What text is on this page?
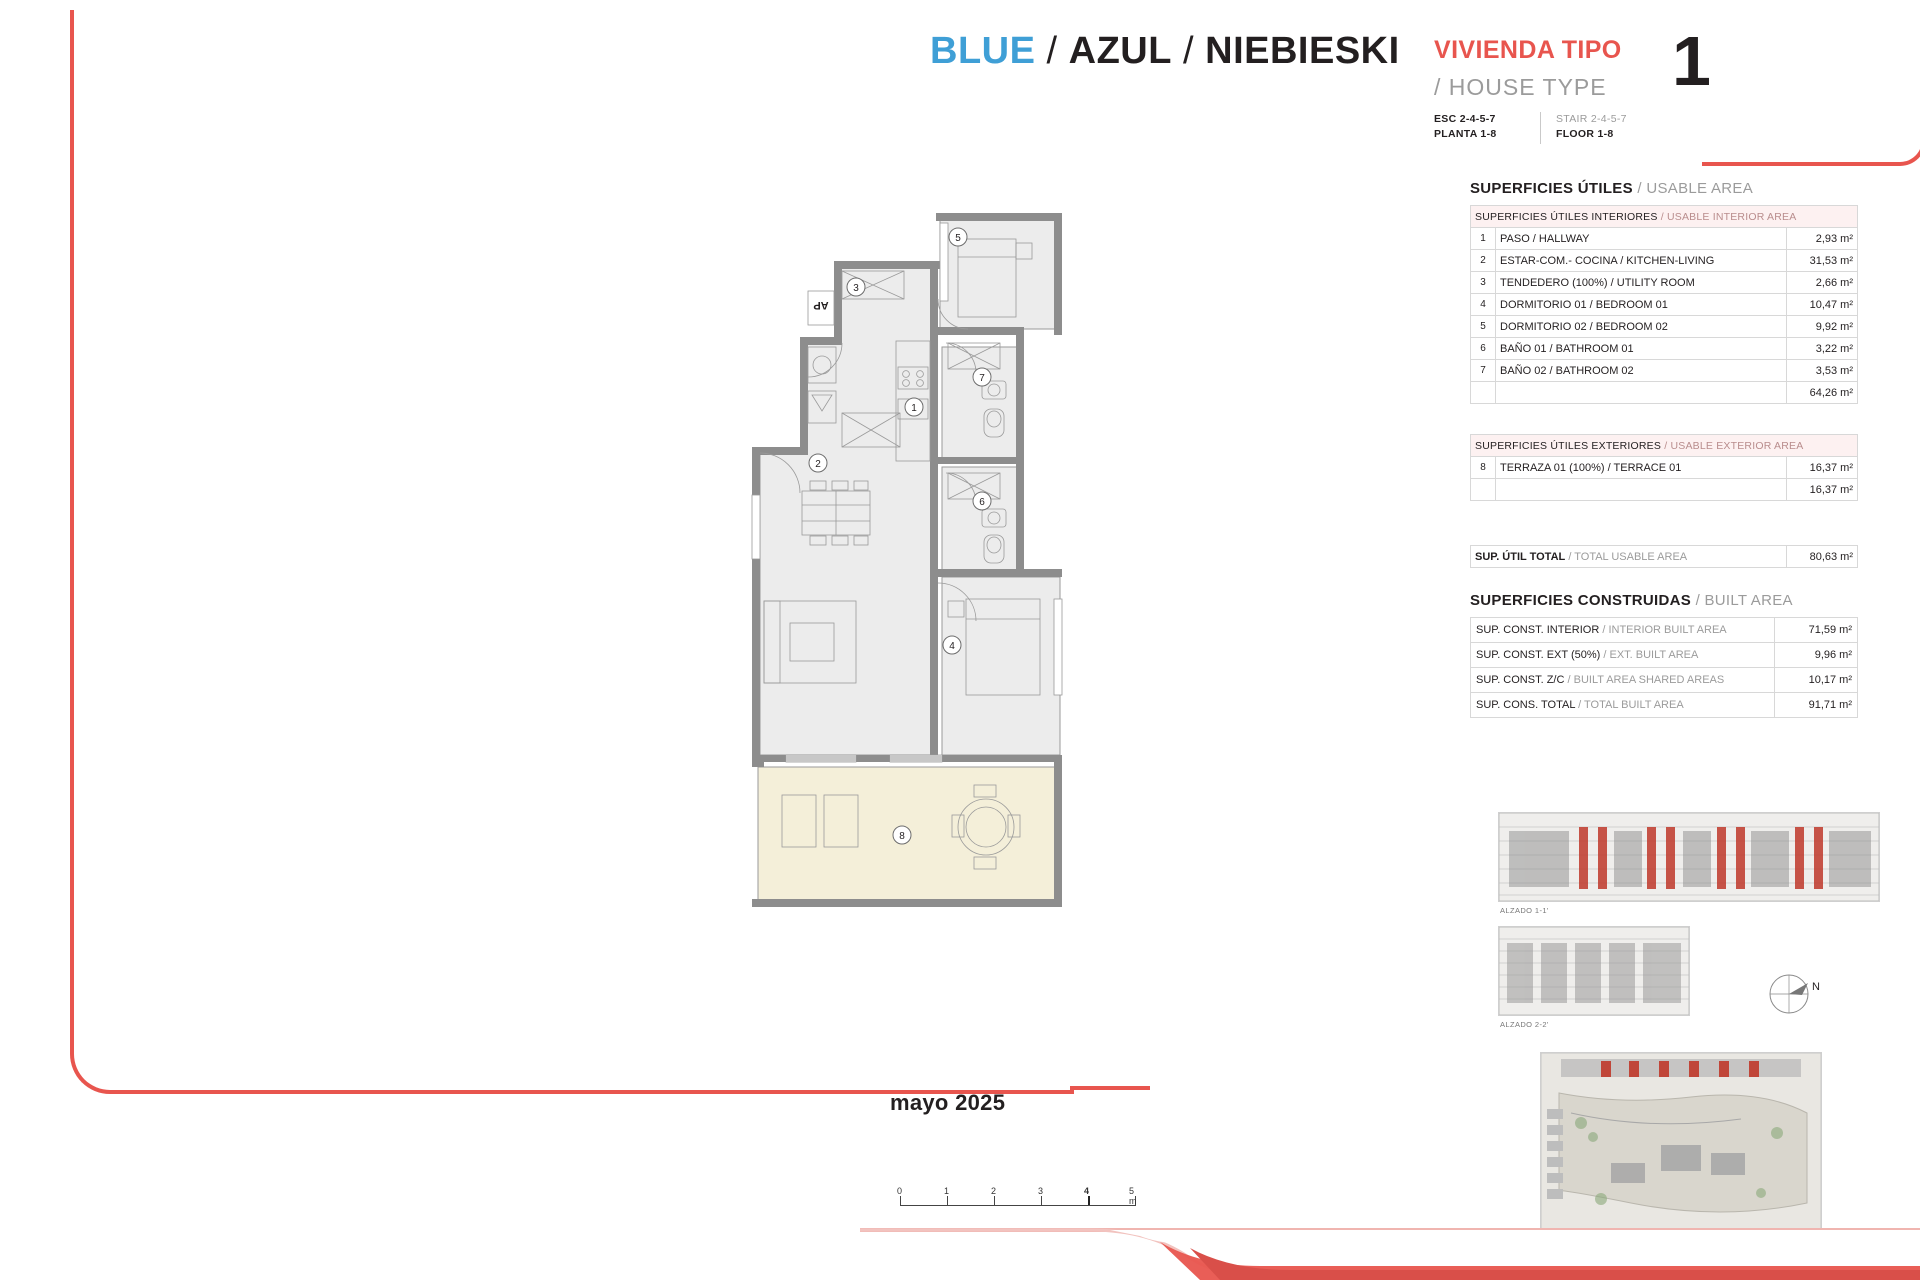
BLUE / AZUL / NIEBIESKI VIVIENDA TIPO
/ HOUSE TYPE 1
ESC 2-4-5-7
PLANTA 1-8
STAIR 2-4-5-7
FLOOR 1-8
SUPERFICIES ÚTILES / USABLE AREA
SUPERFICIES ÚTILES INTERIORES / USABLE INTERIOR AREA		
1	PASO / HALLWAY	2,93 m²
2	ESTAR-COM.- COCINA / KITCHEN-LIVING	31,53 m²
3	TENDEDERO (100%) / UTILITY ROOM	2,66 m²
4	DORMITORIO 01 / BEDROOM 01	10,47 m²
5	DORMITORIO 02 / BEDROOM 02	9,92 m²
6	BAÑO 01 / BATHROOM 01	3,22 m²
7	BAÑO 02 / BATHROOM 02	3,53 m²
		64,26 m²
SUPERFICIES ÚTILES EXTERIORES / USABLE EXTERIOR AREA		
8	TERRAZA 01 (100%) / TERRACE 01	16,37 m²
		16,37 m²
SUP. ÚTIL TOTAL / TOTAL USABLE AREA	80,63 m²
SUPERFICIES CONSTRUIDAS / BUILT AREA
SUP. CONST. INTERIOR / INTERIOR BUILT AREA	71,59 m²
SUP. CONST. EXT (50%) / EXT. BUILT AREA	9,96 m²
SUP. CONST. Z/C / BUILT AREA SHARED AREAS	10,17 m²
SUP. CONS. TOTAL / TOTAL BUILT AREA	91,71 m²
ALZADO 1-1'
ALZADO 2-2'
N
AP
1
2
3
4
5
6
7
8
mayo 2025
0	1	2	3	4	5 m
